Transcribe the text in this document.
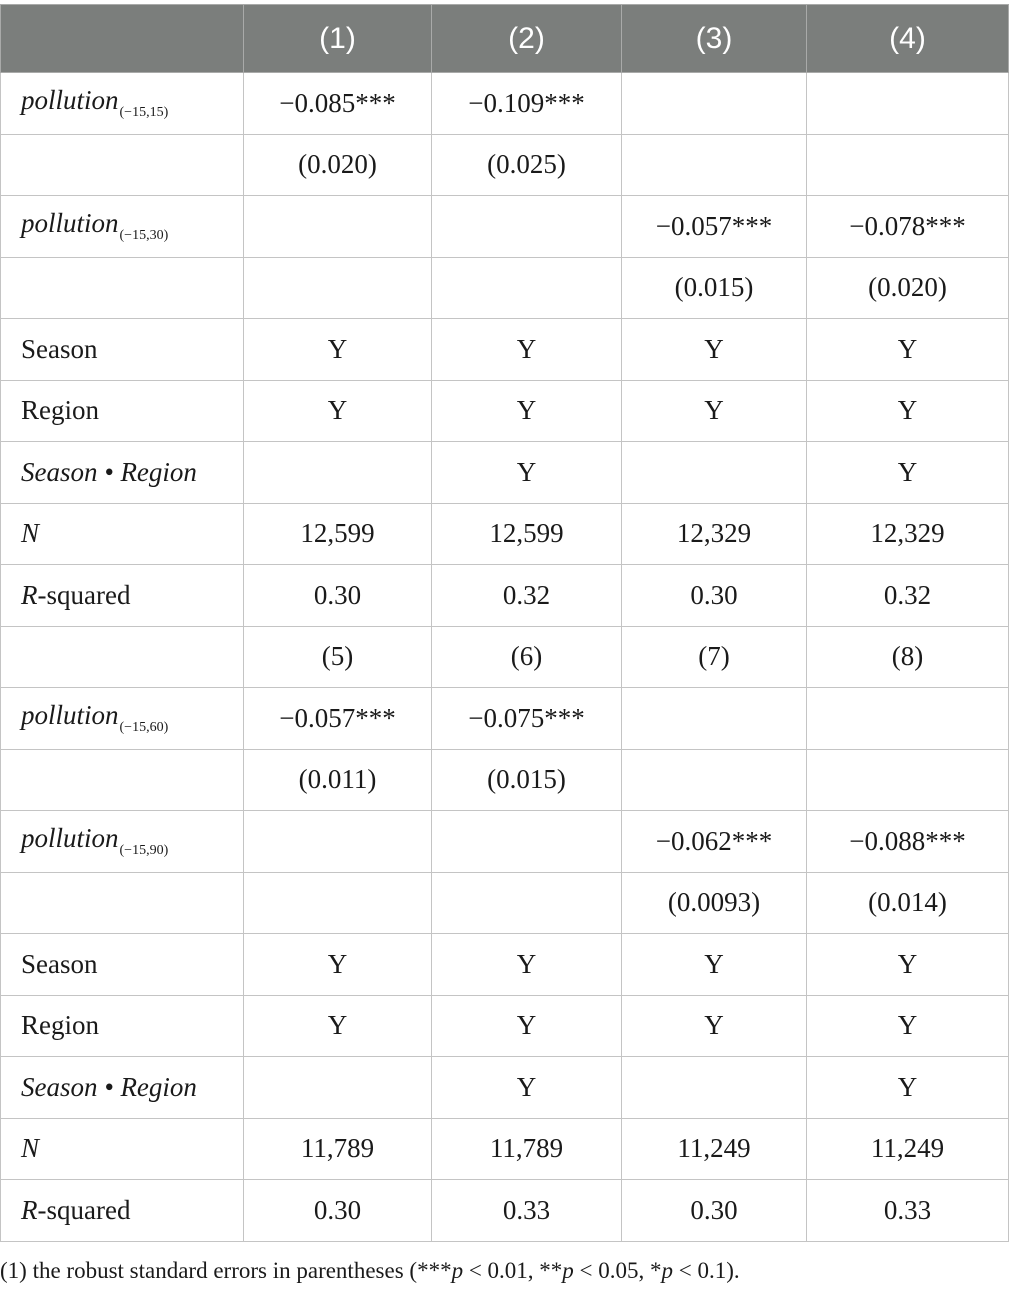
	(1)	(2)	(3)	(4)
pollution$_{(-15,15)}$	−0.085***	−0.109***		
	(0.020)	(0.025)		
pollution$_{(-15,30)}$			−0.057***	−0.078***
			(0.015)	(0.020)
Season	Y	Y	Y	Y
Region	Y	Y	Y	Y
Season • Region		Y		Y
N	12,599	12,599	12,329	12,329
R-squared	0.30	0.32	0.30	0.32
	(5)	(6)	(7)	(8)
pollution$_{(-15,60)}$	−0.057***	−0.075***		
	(0.011)	(0.015)		
pollution$_{(-15,90)}$			−0.062***	−0.088***
			(0.0093)	(0.014)
Season	Y	Y	Y	Y
Region	Y	Y	Y	Y
Season • Region		Y		Y
N	11,789	11,789	11,249	11,249
R-squared	0.30	0.33	0.30	0.33
(1) the robust standard errors in parentheses (***p < 0.01, **p < 0.05, *p < 0.1).
